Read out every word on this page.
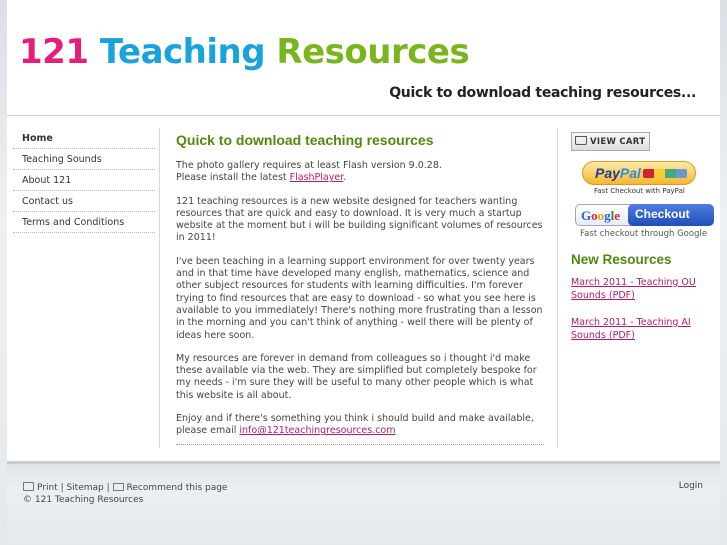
121 Teaching Resources
Quick to download teaching resources...
Home
Teaching Sounds
About 121
Contact us
Terms and Conditions
Quick to download teaching resources

The photo gallery requires at least Flash version 9.0.28.
Please install the latest FlashPlayer.

121 teaching resources is a new website designed for teachers wanting resources that are quick and easy to download. It is very much a startup website at the moment but i will be building significant volumes of resources in 2011!

I've been teaching in a learning support environment for over twenty years and in that time have developed many english, mathematics, science and other subject resources for students with learning difficulties. I'm forever trying to find resources that are easy to download - so what you see here is available to you immediately! There's nothing more frustrating than a lesson in the morning and you can't think of anything - well there will be plenty of ideas here soon.

My resources are forever in demand from colleagues so i thought i'd make these available via the web. They are simplified but completely bespoke for my needs - i'm sure they will be useful to many other people which is what this website is all about.

Enjoy and if there's something you think i should build and make available, please email info@121teachingresources.com

VIEW CART
PayPal
Fast Checkout with PayPal
Google	Checkout
Fast checkout through Google
New Resources
March 2011 - Teaching OU Sounds (PDF)
March 2011 - Teaching AI Sounds (PDF)
Print | Sitemap | Recommend this page
© 121 Teaching Resources
Login
